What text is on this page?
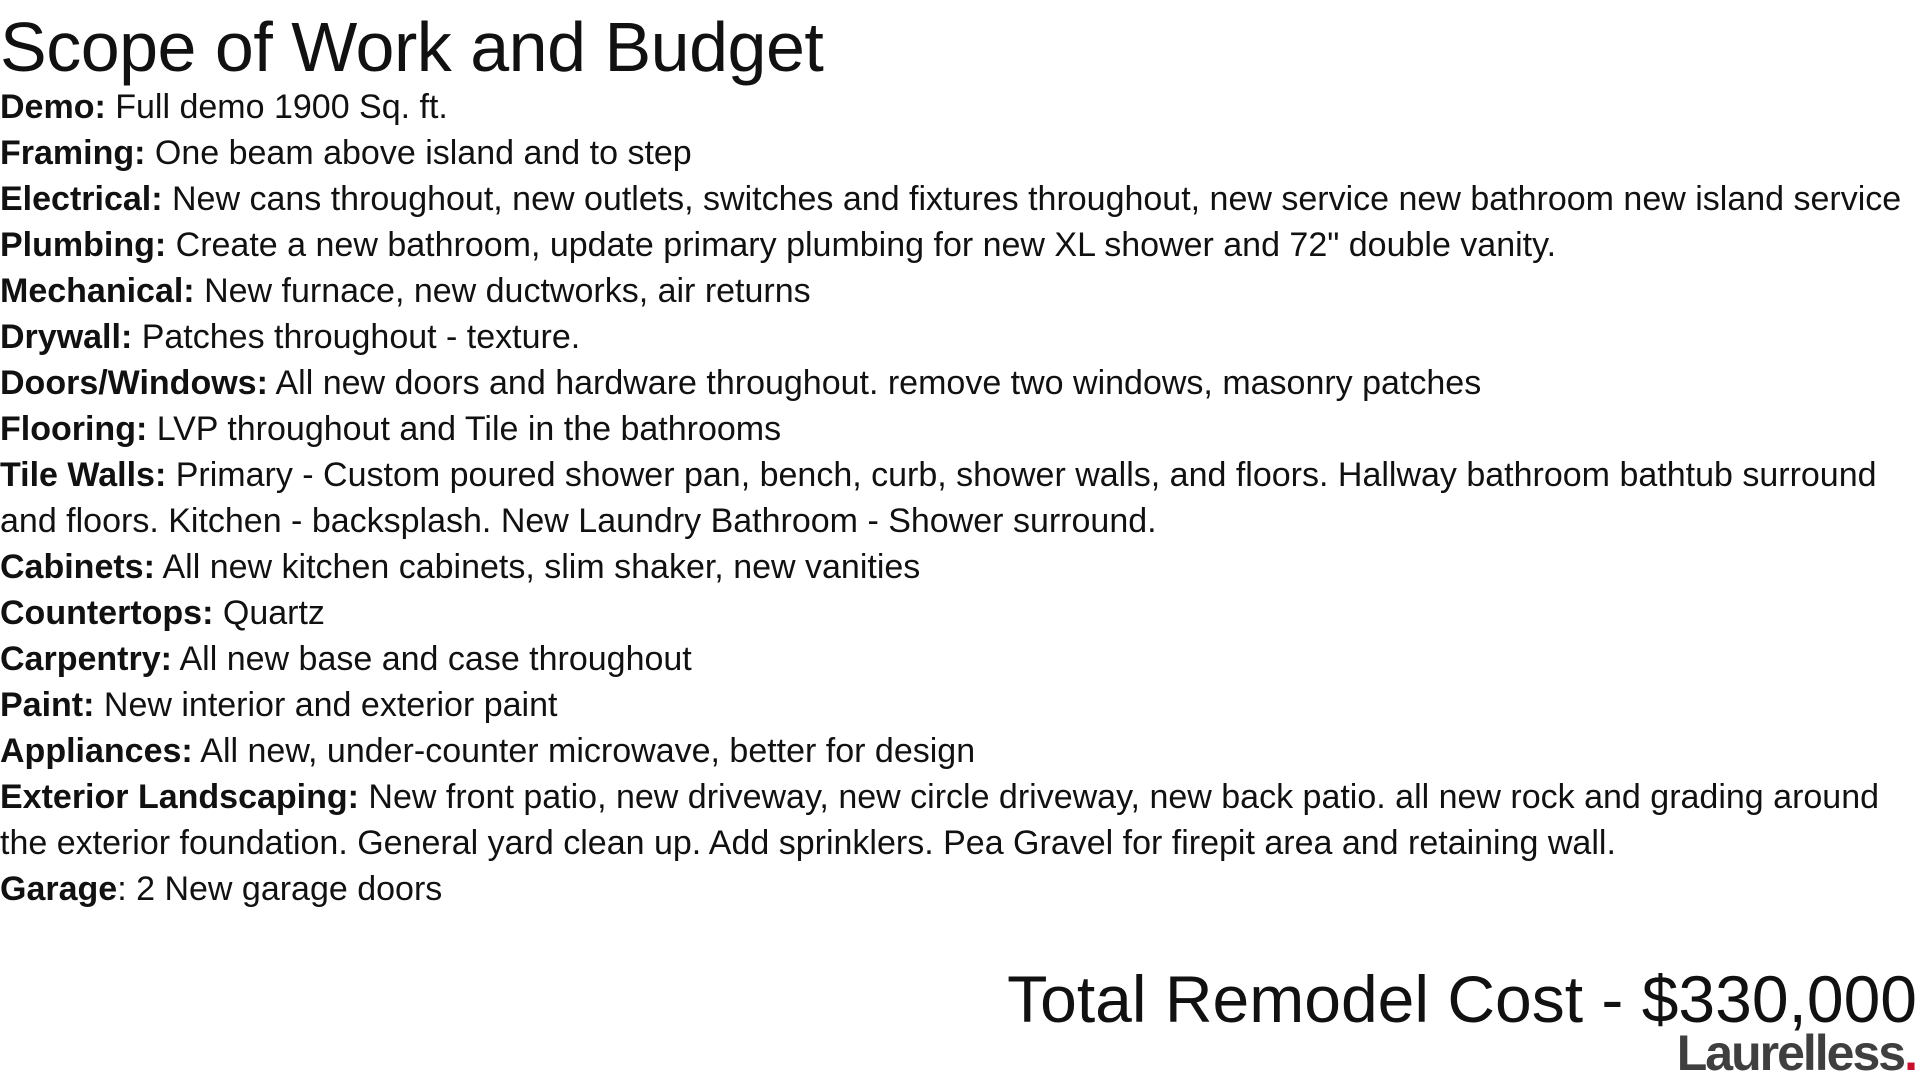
Scope of Work and Budget
Demo: Full demo 1900 Sq. ft.
Framing: One beam above island and to step
Electrical: New cans throughout, new outlets, switches and fixtures throughout, new service new bathroom new island service
Plumbing: Create a new bathroom, update primary plumbing for new XL shower and 72" double vanity.
Mechanical: New furnace, new ductworks, air returns
Drywall: Patches throughout - texture.
Doors/Windows: All new doors and hardware throughout. remove two windows, masonry patches
Flooring: LVP throughout and Tile in the bathrooms
Tile Walls: Primary - Custom poured shower pan, bench, curb, shower walls, and floors. Hallway bathroom bathtub surround and floors. Kitchen - backsplash. New Laundry Bathroom - Shower surround.
Cabinets: All new kitchen cabinets, slim shaker, new vanities
Countertops: Quartz
Carpentry: All new base and case throughout
Paint: New interior and exterior paint
Appliances: All new, under-counter microwave, better for design
Exterior Landscaping: New front patio, new driveway, new circle driveway, new back patio. all new rock and grading around the exterior foundation. General yard clean up. Add sprinklers. Pea Gravel for firepit area and retaining wall.
Garage: 2 New garage doors
Total Remodel Cost - $330,000
Laurelless.
